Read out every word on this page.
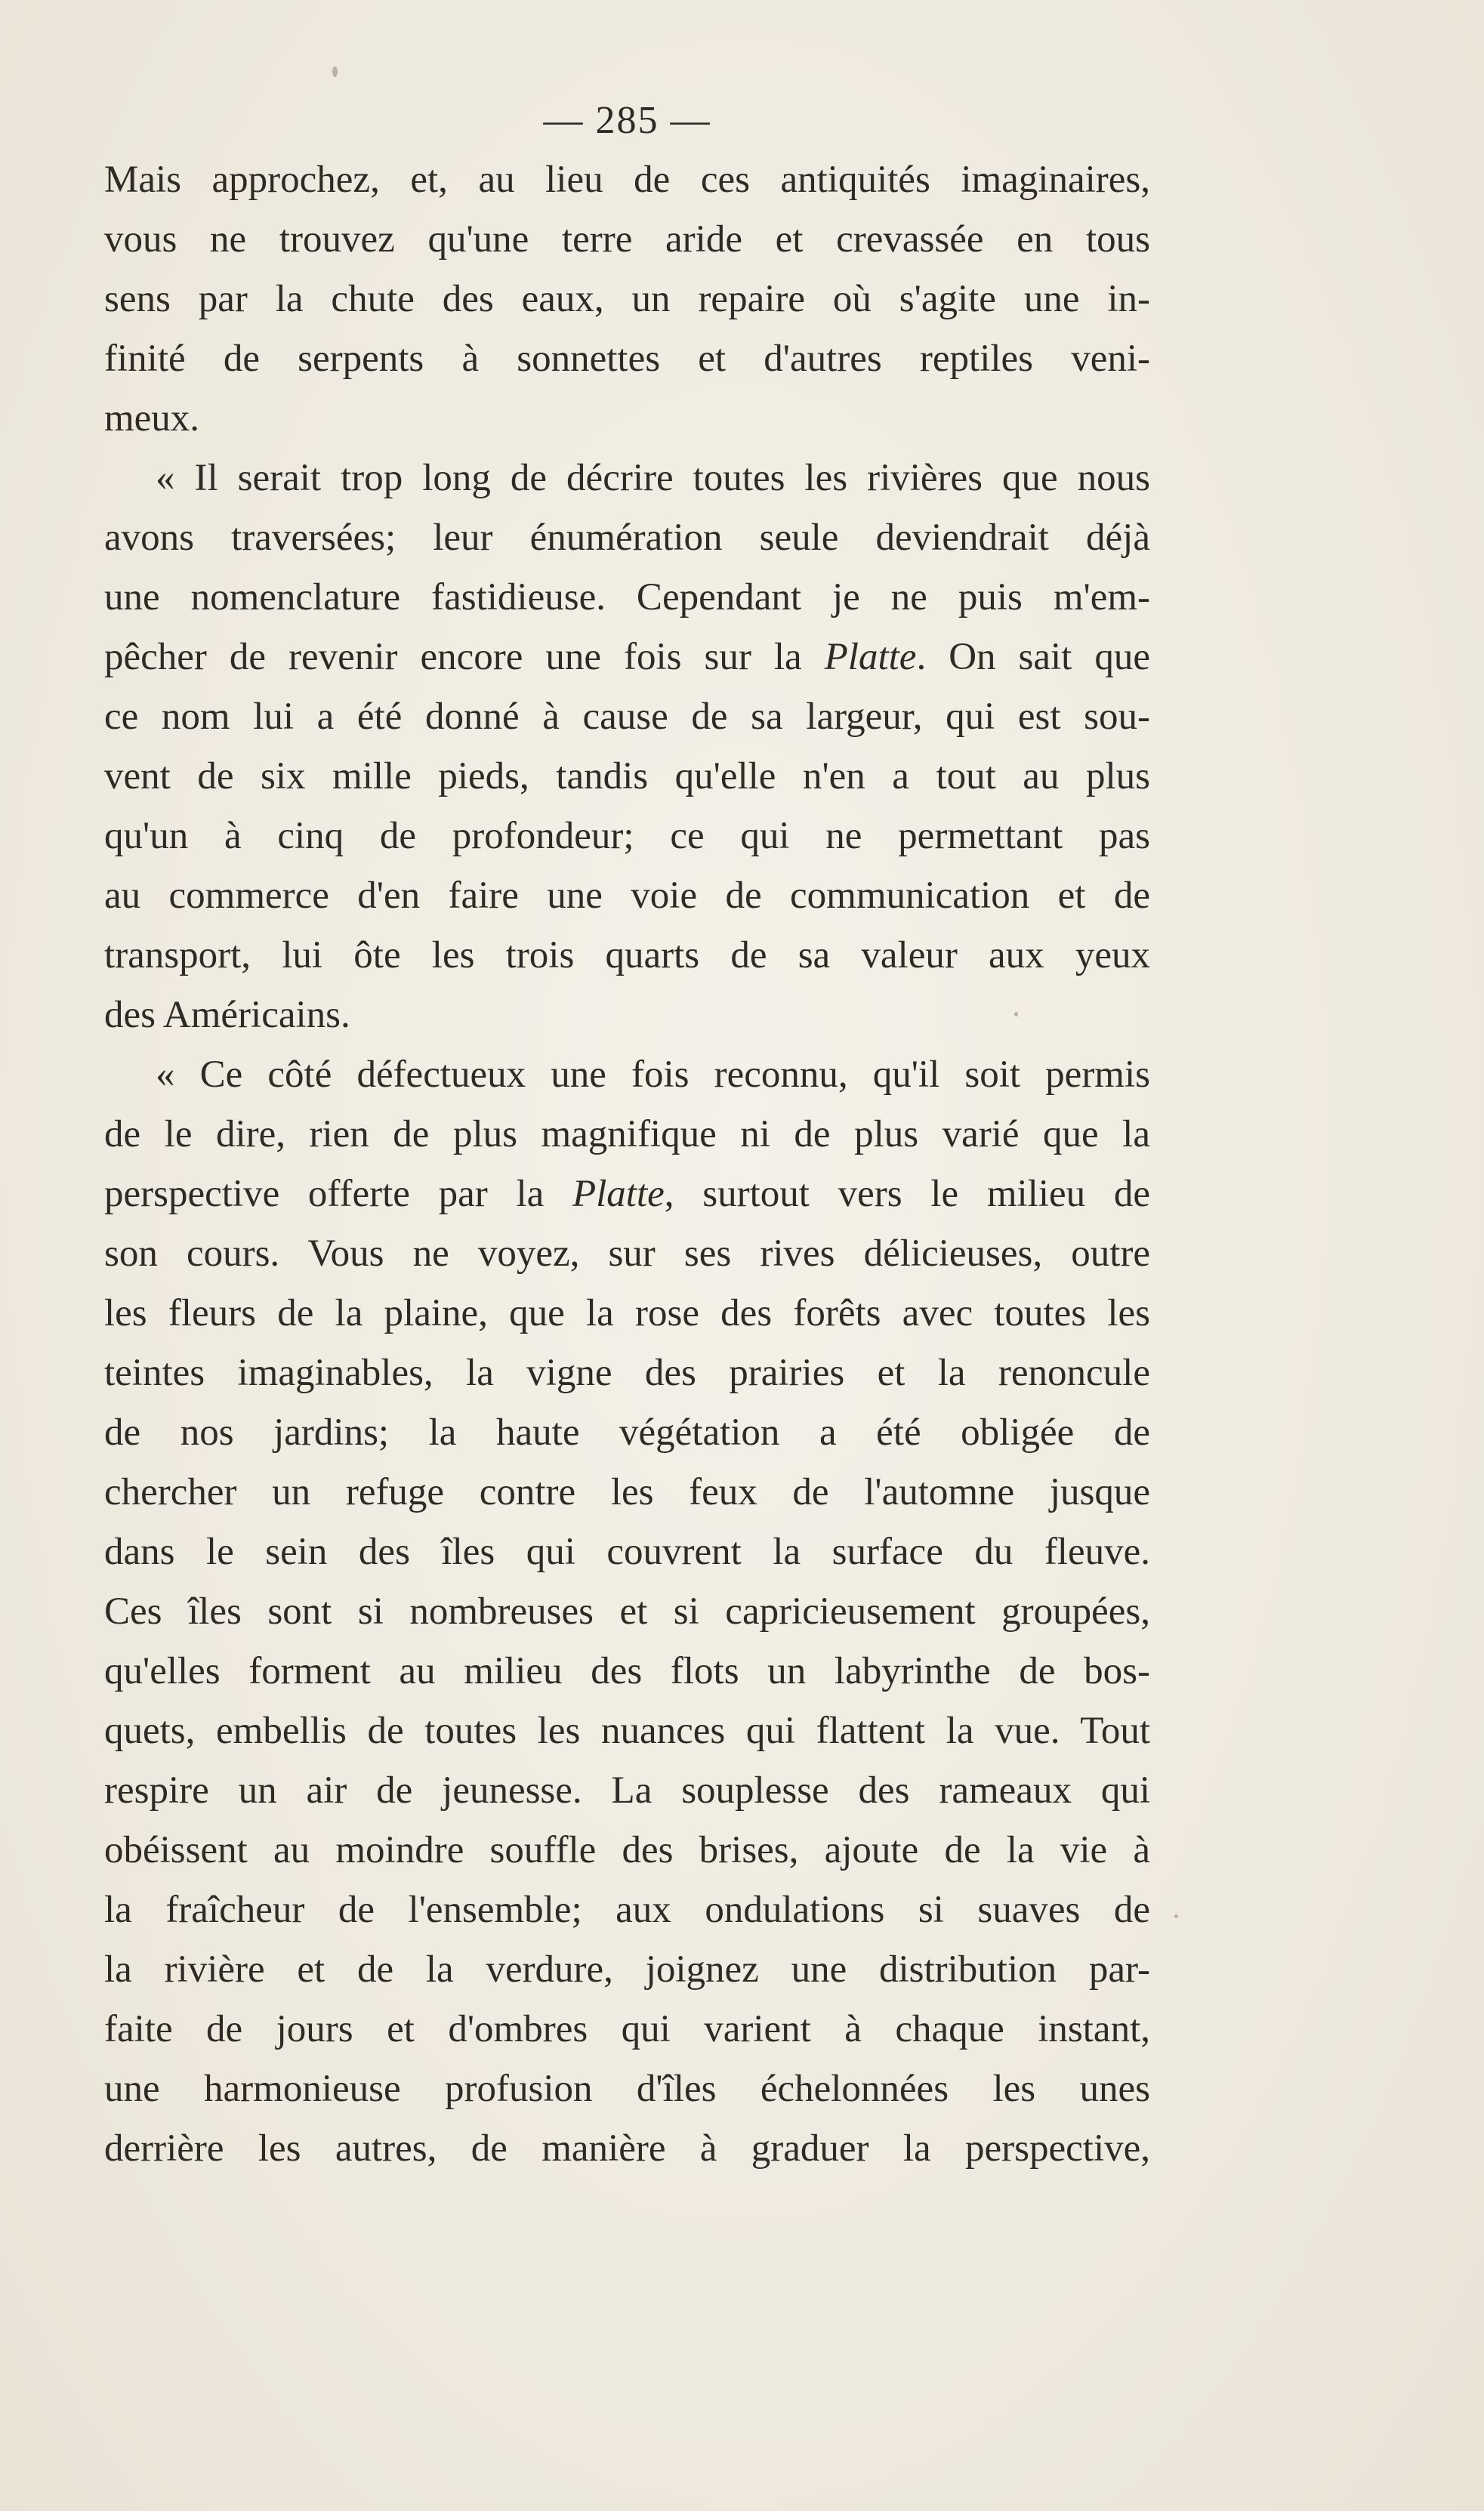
— 285 —
Mais approchez, et, au lieu de ces antiquités imaginaires,
vous ne trouvez qu'une terre aride et crevassée en tous
sens par la chute des eaux, un repaire où s'agite une in-
finité de serpents à sonnettes et d'autres reptiles veni-
meux.
« Il serait trop long de décrire toutes les rivières que nous
avons traversées; leur énumération seule deviendrait déjà
une nomenclature fastidieuse. Cependant je ne puis m'em-
pêcher de revenir encore une fois sur la Platte. On sait que
ce nom lui a été donné à cause de sa largeur, qui est sou-
vent de six mille pieds, tandis qu'elle n'en a tout au plus
qu'un à cinq de profondeur; ce qui ne permettant pas
au commerce d'en faire une voie de communication et de
transport, lui ôte les trois quarts de sa valeur aux yeux
des Américains.
« Ce côté défectueux une fois reconnu, qu'il soit permis
de le dire, rien de plus magnifique ni de plus varié que la
perspective offerte par la Platte, surtout vers le milieu de
son cours. Vous ne voyez, sur ses rives délicieuses, outre
les fleurs de la plaine, que la rose des forêts avec toutes les
teintes imaginables, la vigne des prairies et la renoncule
de nos jardins; la haute végétation a été obligée de
chercher un refuge contre les feux de l'automne jusque
dans le sein des îles qui couvrent la surface du fleuve.
Ces îles sont si nombreuses et si capricieusement groupées,
qu'elles forment au milieu des flots un labyrinthe de bos-
quets, embellis de toutes les nuances qui flattent la vue. Tout
respire un air de jeunesse. La souplesse des rameaux qui
obéissent au moindre souffle des brises, ajoute de la vie à
la fraîcheur de l'ensemble; aux ondulations si suaves de
la rivière et de la verdure, joignez une distribution par-
faite de jours et d'ombres qui varient à chaque instant,
une harmonieuse profusion d'îles échelonnées les unes
derrière les autres, de manière à graduer la perspective,
